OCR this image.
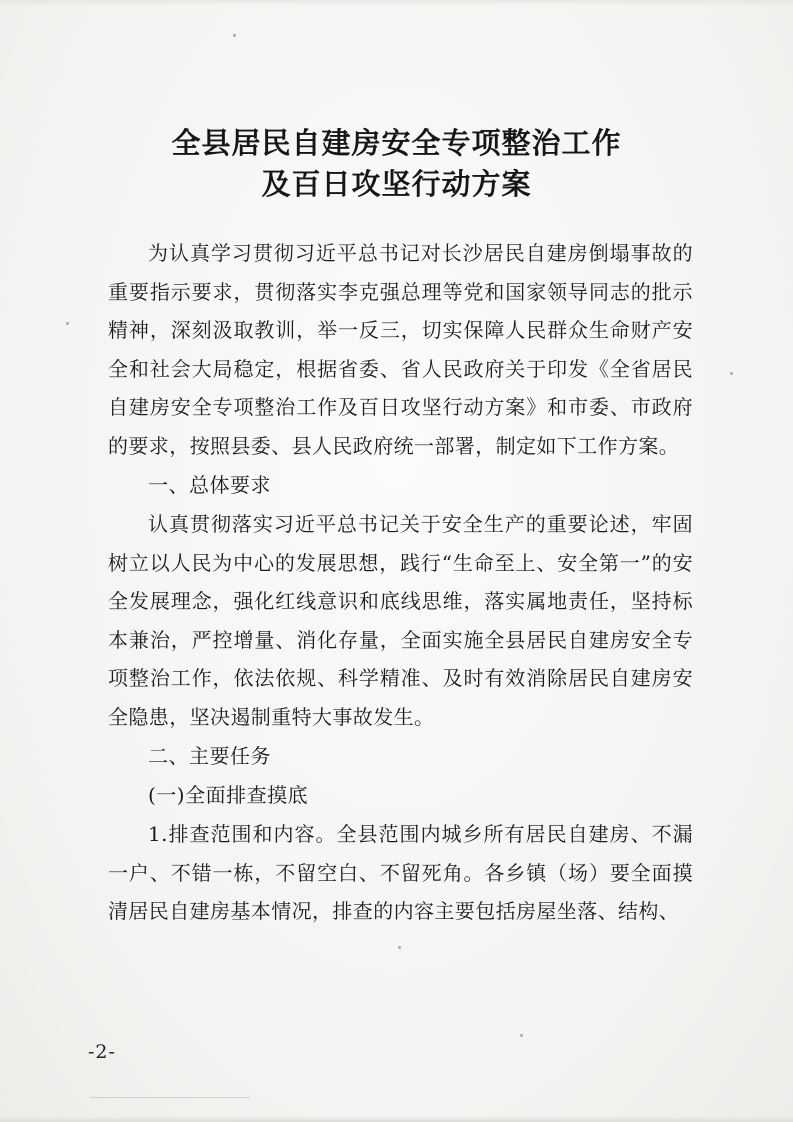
全县居民自建房安全专项整治工作
及百日攻坚行动方案

为认真学习贯彻习近平总书记对长沙居民自建房倒塌事故的重要指示要求，贯彻落实李克强总理等党和国家领导同志的批示精神，深刻汲取教训，举一反三，切实保障人民群众生命财产安全和社会大局稳定，根据省委、省人民政府关于印发《全省居民自建房安全专项整治工作及百日攻坚行动方案》和市委、市政府的要求，按照县委、县人民政府统一部署，制定如下工作方案。

一、总体要求

认真贯彻落实习近平总书记关于安全生产的重要论述，牢固树立以人民为中心的发展思想，践行“生命至上、安全第一”的安全发展理念，强化红线意识和底线思维，落实属地责任，坚持标本兼治，严控增量、消化存量，全面实施全县居民自建房安全专项整治工作，依法依规、科学精准、及时有效消除居民自建房安全隐患，坚决遏制重特大事故发生。

二、主要任务
(一)全面排查摸底

1.排查范围和内容。全县范围内城乡所有居民自建房、不漏一户、不错一栋，不留空白、不留死角。各乡镇（场）要全面摸清居民自建房基本情况，排查的内容主要包括房屋坐落、结构、

-2-
